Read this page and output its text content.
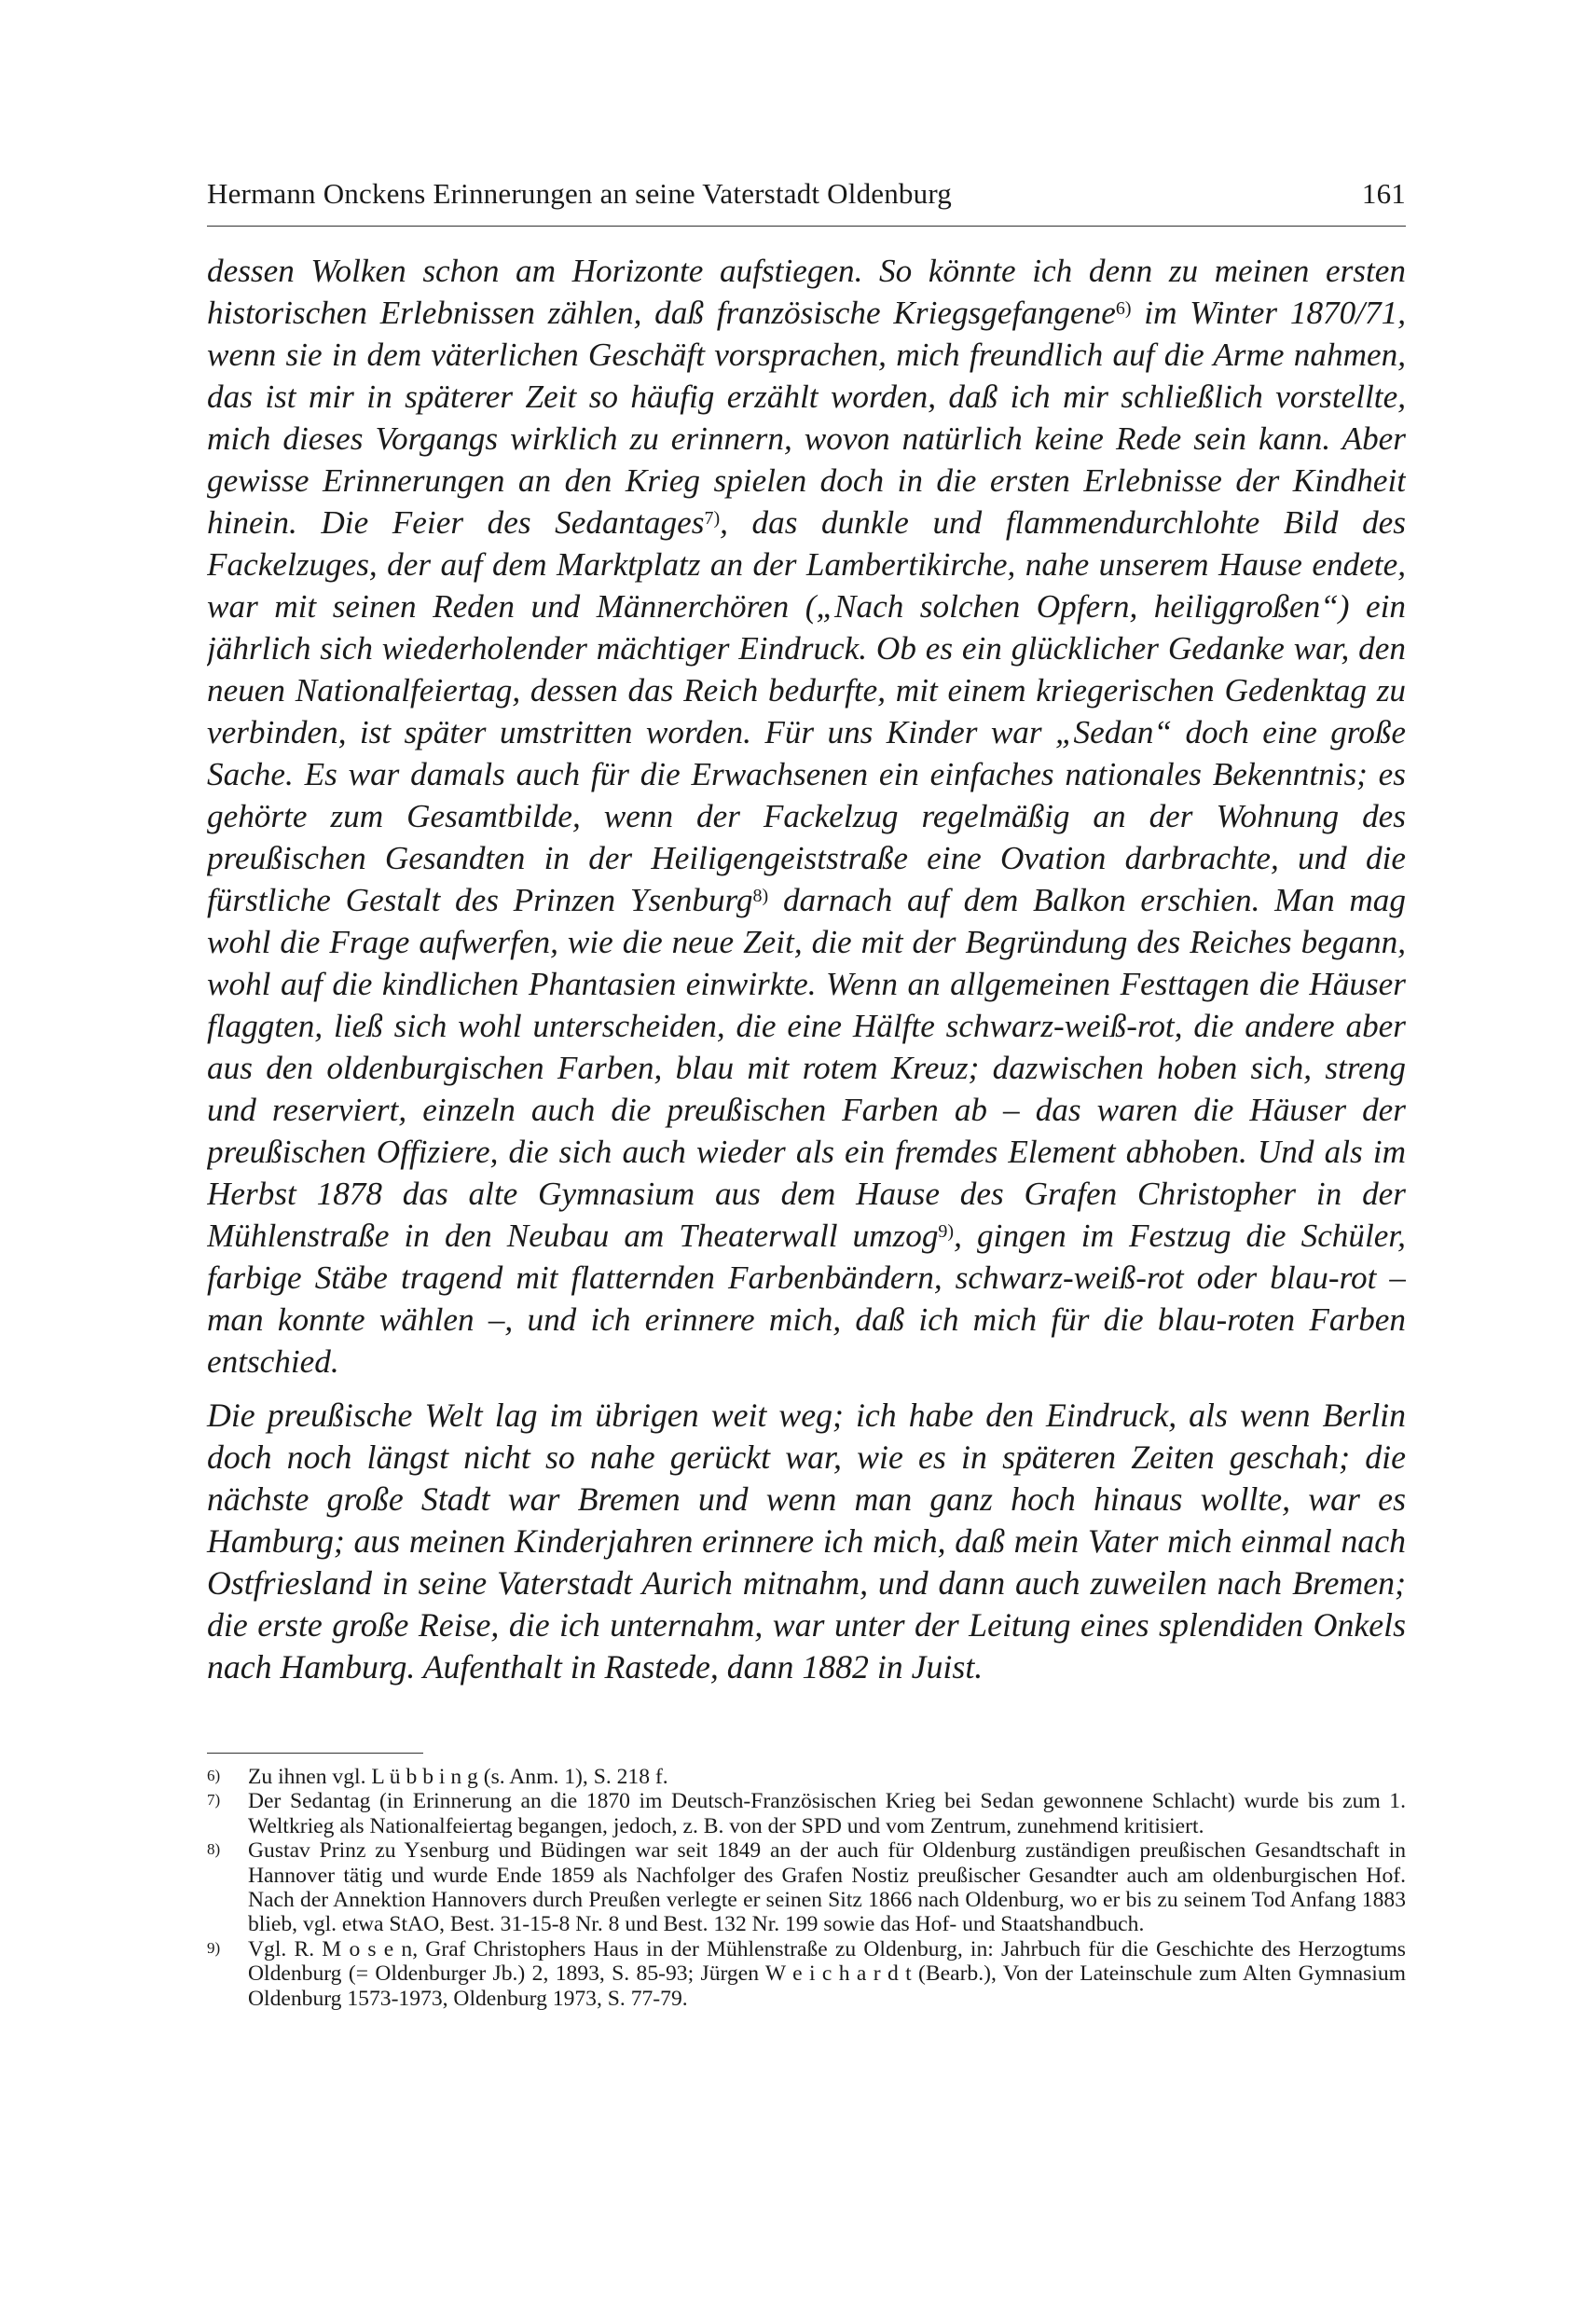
Hermann Onckens Erinnerungen an seine Vaterstadt Oldenburg	161

dessen Wolken schon am Horizonte aufstiegen. So könnte ich denn zu meinen ersten historischen Erlebnissen zählen, daß französische Kriegsgefangene$^{6)}$ im Winter 1870/71, wenn sie in dem väterlichen Geschäft vorsprachen, mich freundlich auf die Arme nahmen, das ist mir in späterer Zeit so häufig erzählt worden, daß ich mir schließlich vorstellte, mich dieses Vorgangs wirklich zu erinnern, wovon natürlich keine Rede sein kann. Aber gewisse Erinnerungen an den Krieg spielen doch in die ersten Erlebnisse der Kindheit hinein. Die Feier des Sedantages$^{7)}$, das dunkle und flammendurchlohte Bild des Fackelzuges, der auf dem Marktplatz an der Lambertikirche, nahe unserem Hause endete, war mit seinen Reden und Männerchören („Nach solchen Opfern, heiliggroßen“) ein jährlich sich wiederholender mächtiger Eindruck. Ob es ein glücklicher Gedanke war, den neuen Nationalfeiertag, dessen das Reich bedurfte, mit einem kriegerischen Gedenktag zu verbinden, ist später umstritten worden. Für uns Kinder war „Sedan“ doch eine große Sache. Es war damals auch für die Erwachsenen ein einfaches nationales Bekenntnis; es gehörte zum Gesamtbilde, wenn der Fackelzug regelmäßig an der Wohnung des preußischen Gesandten in der Heiligengeiststraße eine Ovation darbrachte, und die fürstliche Gestalt des Prinzen Ysenburg$^{8)}$ darnach auf dem Balkon erschien. Man mag wohl die Frage aufwerfen, wie die neue Zeit, die mit der Begründung des Reiches begann, wohl auf die kindlichen Phantasien einwirkte. Wenn an allgemeinen Festtagen die Häuser flaggten, ließ sich wohl unterscheiden, die eine Hälfte schwarz-weiß-rot, die andere aber aus den oldenburgischen Farben, blau mit rotem Kreuz; dazwischen hoben sich, streng und reserviert, einzeln auch die preußischen Farben ab – das waren die Häuser der preußischen Offiziere, die sich auch wieder als ein fremdes Element abhoben. Und als im Herbst 1878 das alte Gymnasium aus dem Hause des Grafen Christopher in der Mühlenstraße in den Neubau am Theaterwall umzog$^{9)}$, gingen im Festzug die Schüler, farbige Stäbe tragend mit flatternden Farbenbändern, schwarz-weiß-rot oder blau-rot – man konnte wählen –, und ich erinnere mich, daß ich mich für die blau-roten Farben entschied.

Die preußische Welt lag im übrigen weit weg; ich habe den Eindruck, als wenn Berlin doch noch längst nicht so nahe gerückt war, wie es in späteren Zeiten geschah; die nächste große Stadt war Bremen und wenn man ganz hoch hinaus wollte, war es Hamburg; aus meinen Kinderjahren erinnere ich mich, daß mein Vater mich einmal nach Ostfriesland in seine Vaterstadt Aurich mitnahm, und dann auch zuweilen nach Bremen; die erste große Reise, die ich unternahm, war unter der Leitung eines splendiden Onkels nach Hamburg. Aufenthalt in Rastede, dann 1882 in Juist.

6)	Zu ihnen vgl. L ü b b i n g (s. Anm. 1), S. 218 f.
7)	Der Sedantag (in Erinnerung an die 1870 im Deutsch-Französischen Krieg bei Sedan gewonnene Schlacht) wurde bis zum 1. Weltkrieg als Nationalfeiertag begangen, jedoch, z. B. von der SPD und vom Zentrum, zunehmend kritisiert.
8)	Gustav Prinz zu Ysenburg und Büdingen war seit 1849 an der auch für Oldenburg zuständigen preußischen Gesandtschaft in Hannover tätig und wurde Ende 1859 als Nachfolger des Grafen Nostiz preußischer Gesandter auch am oldenburgischen Hof. Nach der Annektion Hannovers durch Preußen verlegte er seinen Sitz 1866 nach Oldenburg, wo er bis zu seinem Tod Anfang 1883 blieb, vgl. etwa StAO, Best. 31-15-8 Nr. 8 und Best. 132 Nr. 199 sowie das Hof- und Staatshandbuch.
9)	Vgl. R. M o s e n, Graf Christophers Haus in der Mühlenstraße zu Oldenburg, in: Jahrbuch für die Geschichte des Herzogtums Oldenburg (= Oldenburger Jb.) 2, 1893, S. 85-93; Jürgen W e i c h a r d t (Bearb.), Von der Lateinschule zum Alten Gymnasium Oldenburg 1573-1973, Oldenburg 1973, S. 77-79.
